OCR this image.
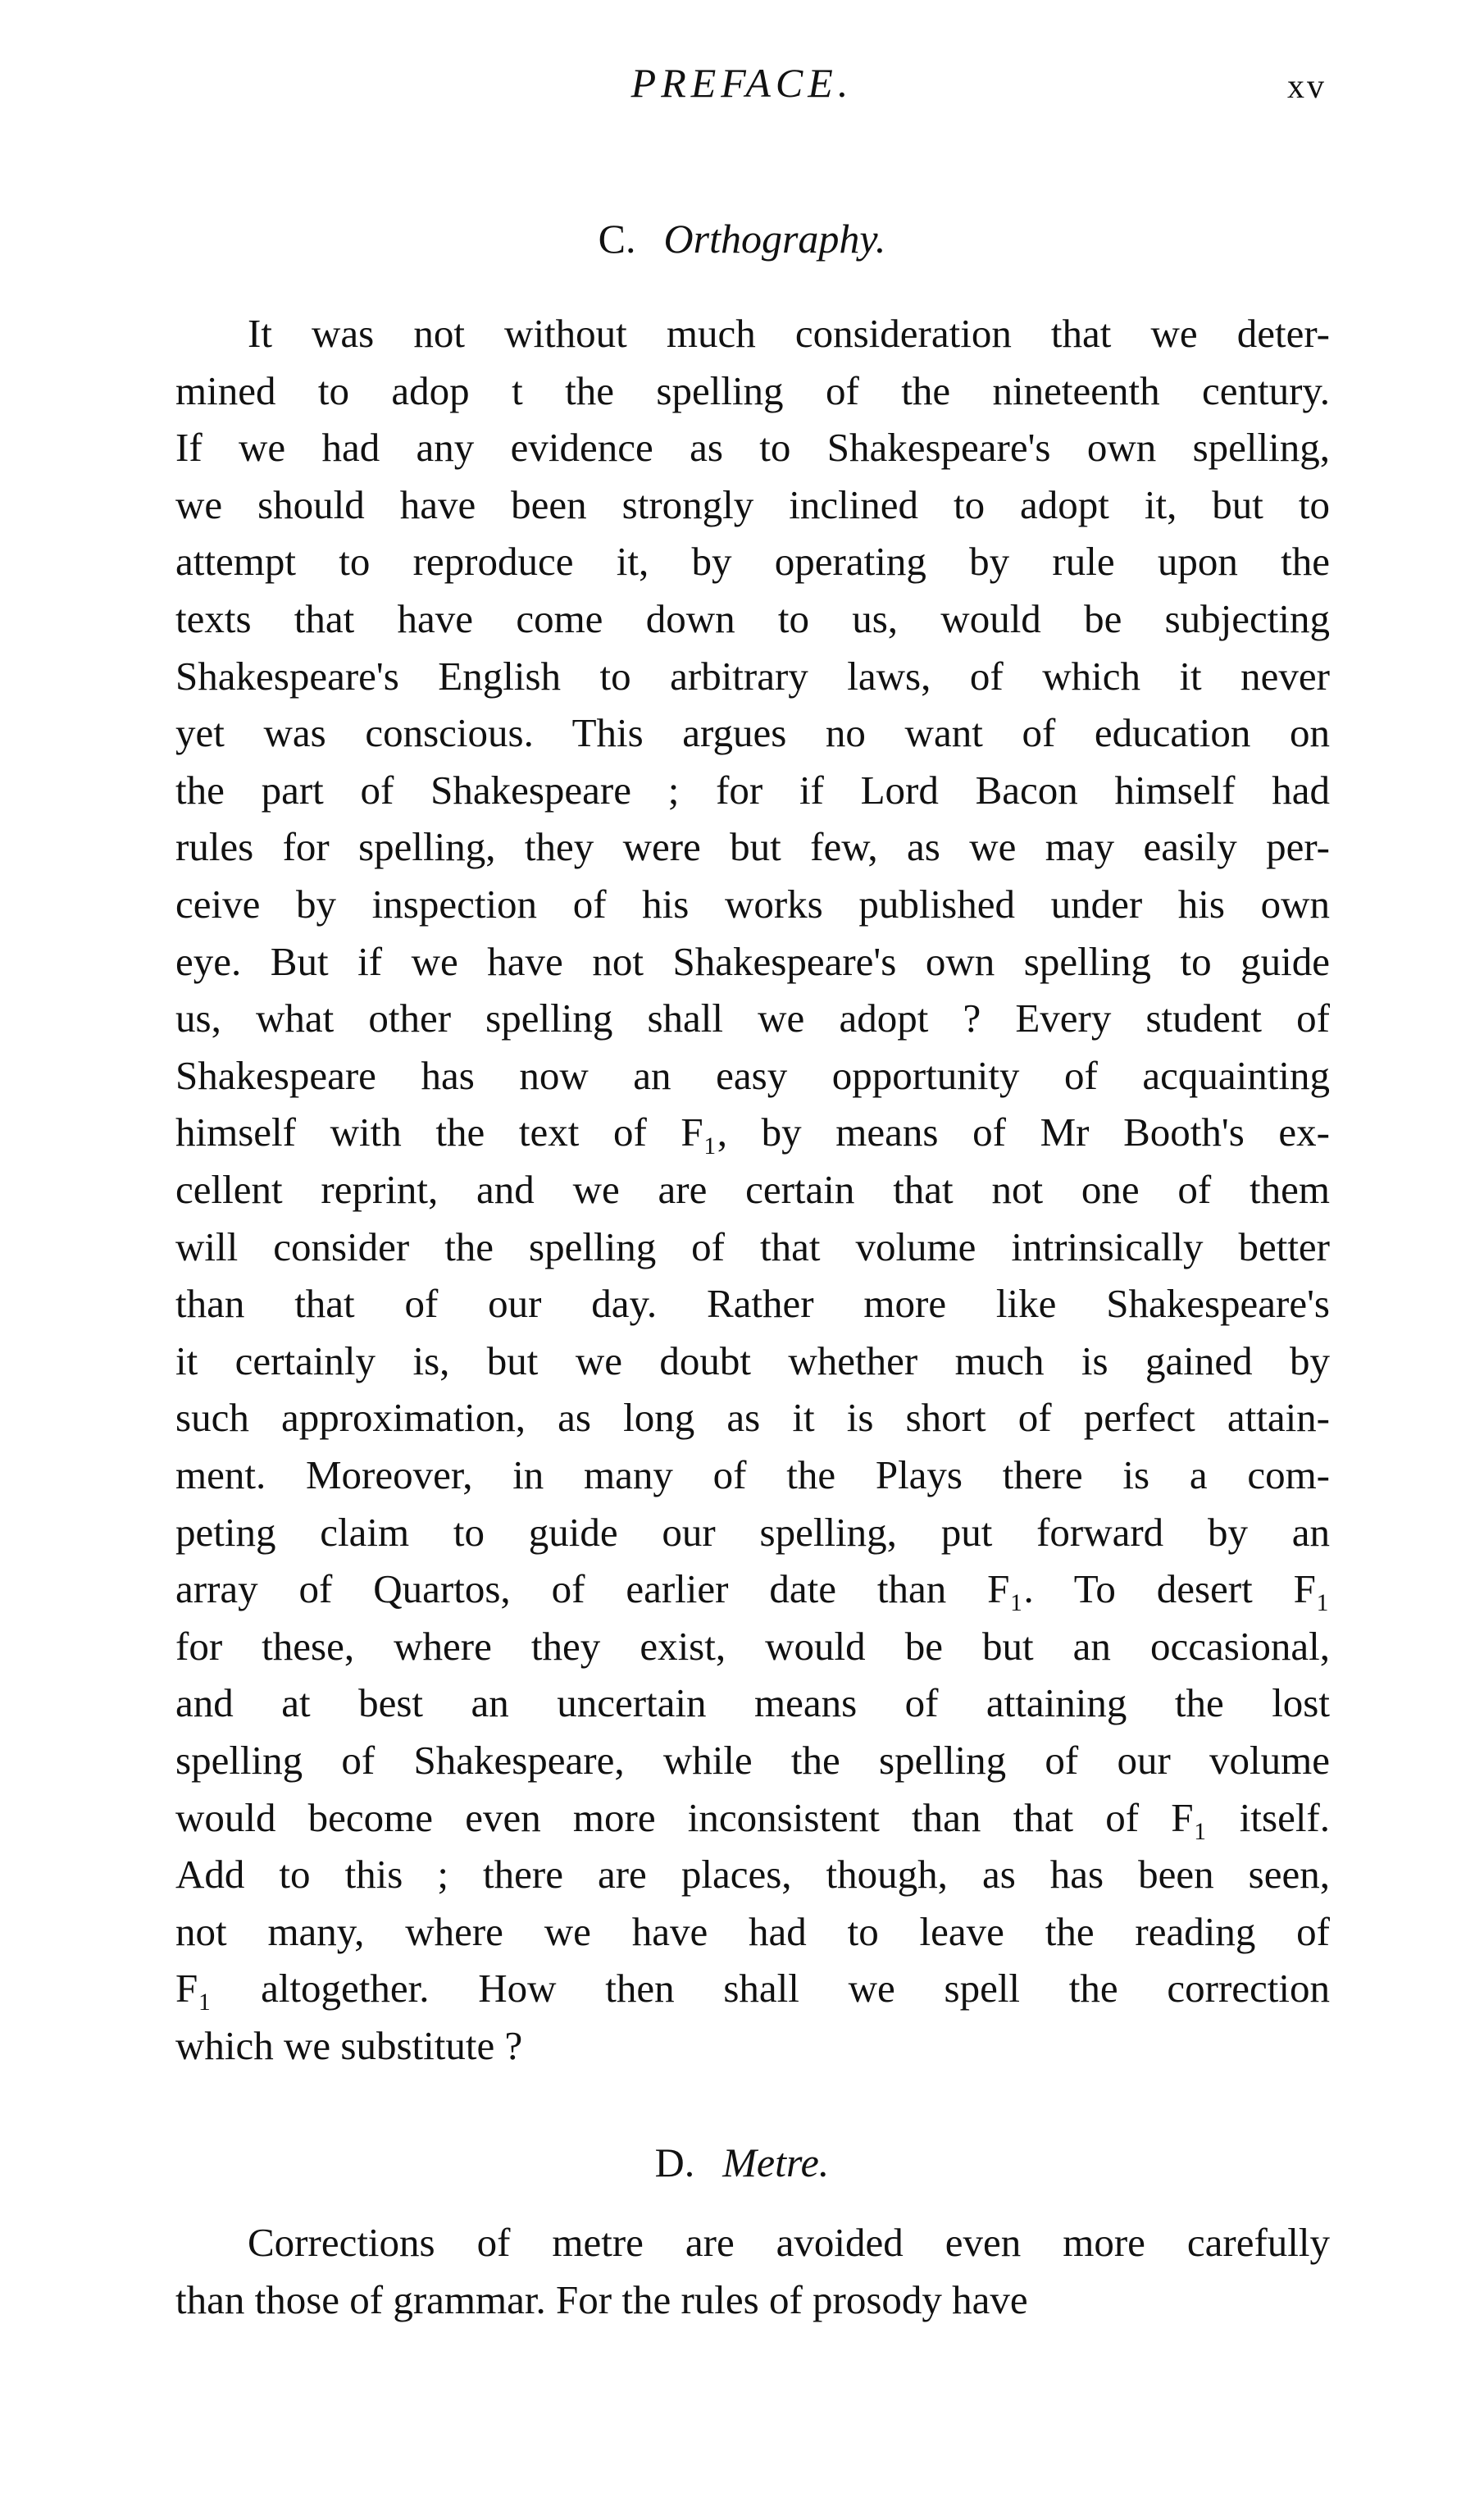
PREFACE.	xv
C. Orthography.
It was not without much consideration that we deter-
mined to adop t the spelling of the nineteenth century.
If we had any evidence as to Shakespeare's own spelling,
we should have been strongly inclined to adopt it, but to
attempt to reproduce it, by operating by rule upon the
texts that have come down to us, would be subjecting
Shakespeare's English to arbitrary laws, of which it never
yet was conscious. This argues no want of education on
the part of Shakespeare ; for if Lord Bacon himself had
rules for spelling, they were but few, as we may easily per-
ceive by inspection of his works published under his own
eye. But if we have not Shakespeare's own spelling to guide
us, what other spelling shall we adopt ? Every student of
Shakespeare has now an easy opportunity of acquainting
himself with the text of F₁, by means of Mr Booth's ex-
cellent reprint, and we are certain that not one of them
will consider the spelling of that volume intrinsically better
than that of our day. Rather more like Shakespeare's
it certainly is, but we doubt whether much is gained by
such approximation, as long as it is short of perfect attain-
ment. Moreover, in many of the Plays there is a com-
peting claim to guide our spelling, put forward by an
array of Quartos, of earlier date than F₁. To desert F₁
for these, where they exist, would be but an occasional,
and at best an uncertain means of attaining the lost
spelling of Shakespeare, while the spelling of our volume
would become even more inconsistent than that of F₁ itself.
Add to this ; there are places, though, as has been seen,
not many, where we have had to leave the reading of
F₁ altogether. How then shall we spell the correction
which we substitute ?
D. Metre.
Corrections of metre are avoided even more carefully
than those of grammar. For the rules of prosody have
